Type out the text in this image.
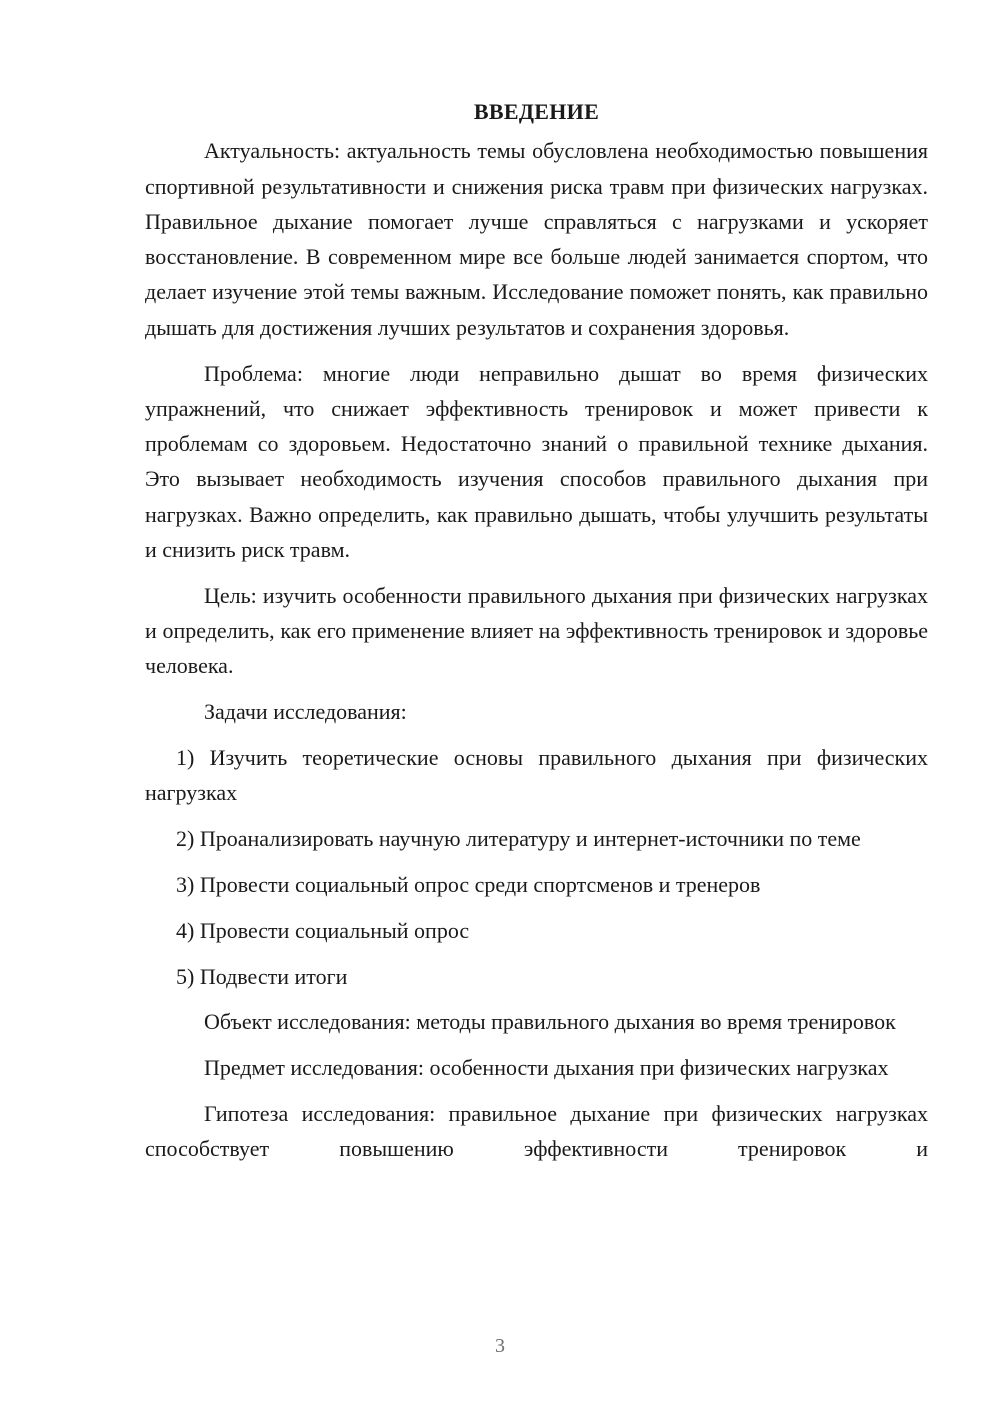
ВВЕДЕНИЕ

Актуальность: актуальность темы обусловлена необходимостью повышения спортивной результативности и снижения риска травм при физических нагрузках. Правильное дыхание помогает лучше справляться с нагрузками и ускоряет восстановление. В современном мире все больше людей занимается спортом, что делает изучение этой темы важным. Исследование поможет понять, как правильно дышать для достижения лучших результатов и сохранения здоровья.

Проблема: многие люди неправильно дышат во время физических упражнений, что снижает эффективность тренировок и может привести к проблемам со здоровьем. Недостаточно знаний о правильной технике дыхания. Это вызывает необходимость изучения способов правильного дыхания при нагрузках. Важно определить, как правильно дышать, чтобы улучшить результаты и снизить риск травм.

Цель: изучить особенности правильного дыхания при физических нагрузках и определить, как его применение влияет на эффективность тренировок и здоровье человека.

Задачи исследования:

1) Изучить теоретические основы правильного дыхания при физических нагрузках

2) Проанализировать научную литературу и интернет-источники по теме

3) Провести социальный опрос среди спортсменов и тренеров

4) Провести социальный опрос

5) Подвести итоги

Объект исследования: методы правильного дыхания во время тренировок

Предмет исследования: особенности дыхания при физических нагрузках

Гипотеза исследования: правильное дыхание при физических нагрузках способствует повышению эффективности тренировок и

3
